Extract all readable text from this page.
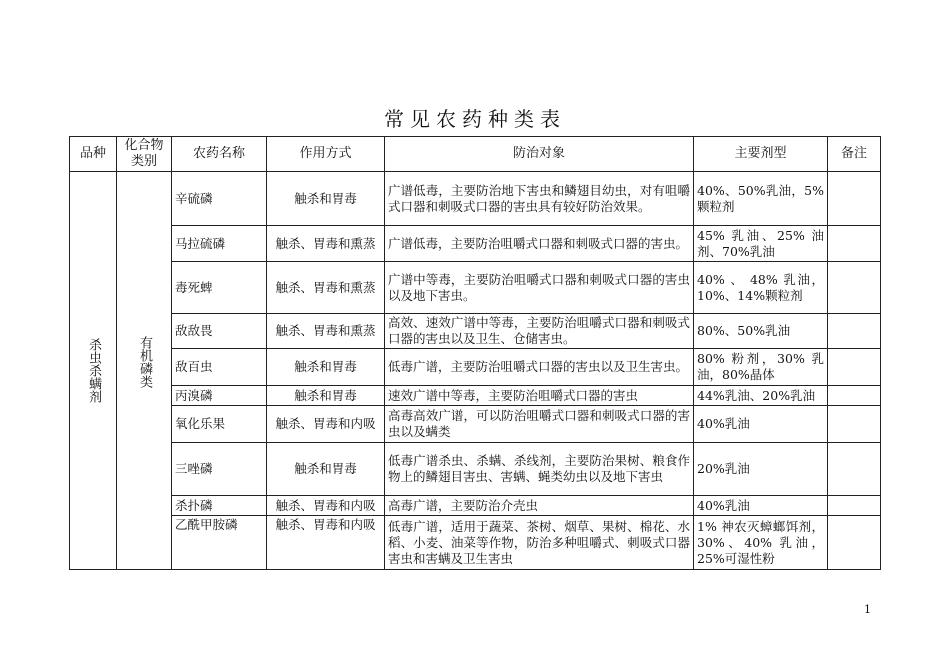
常见农药种类表
品种	化合物类别	农药名称	作用方式	防治对象	主要剂型	备注

杀虫杀螨剂	有机磷类	辛硫磷	触杀和胃毒	广谱低毒，主要防治地下害虫和鳞翅目幼虫，对有咀嚼式口器和刺吸式口器的害虫具有较好防治效果。	40%、50%乳油，5%颗粒剂	
		马拉硫磷	触杀、胃毒和熏蒸	广谱低毒，主要防治咀嚼式口器和刺吸式口器的害虫。	45% 乳油、25% 油剂、70%乳油	
		毒死蜱	触杀、胃毒和熏蒸	广谱中等毒，主要防治咀嚼式口器和刺吸式口器的害虫以及地下害虫。	40% 、 48% 乳油，10%、14%颗粒剂	
		敌敌畏	触杀、胃毒和熏蒸	高效、速效广谱中等毒，主要防治咀嚼式口器和刺吸式口器的害虫以及卫生、仓储害虫。	80%、50%乳油	
		敌百虫	触杀和胃毒	低毒广谱，主要防治咀嚼式口器的害虫以及卫生害虫。	80% 粉剂，30% 乳油，80%晶体	
		丙溴磷	触杀和胃毒	速效广谱中等毒，主要防治咀嚼式口器的害虫	44%乳油、20%乳油	
		氧化乐果	触杀、胃毒和内吸	高毒高效广谱，可以防治咀嚼式口器和刺吸式口器的害虫以及螨类	40%乳油	
		三唑磷	触杀和胃毒	低毒广谱杀虫、杀螨、杀线剂，主要防治果树、粮食作物上的鳞翅目害虫、害螨、蝇类幼虫以及地下害虫	20%乳油	
		杀扑磷	触杀、胃毒和内吸	高毒广谱，主要防治介壳虫	40%乳油	
		乙酰甲胺磷	触杀、胃毒和内吸	低毒广谱，适用于蔬菜、茶树、烟草、果树、棉花、水稻、小麦、油菜等作物，防治多种咀嚼式、刺吸式口器害虫和害螨及卫生害虫	1% 神农灭蟑螂饵剂，30%、40% 乳油，25%可湿性粉	
1
